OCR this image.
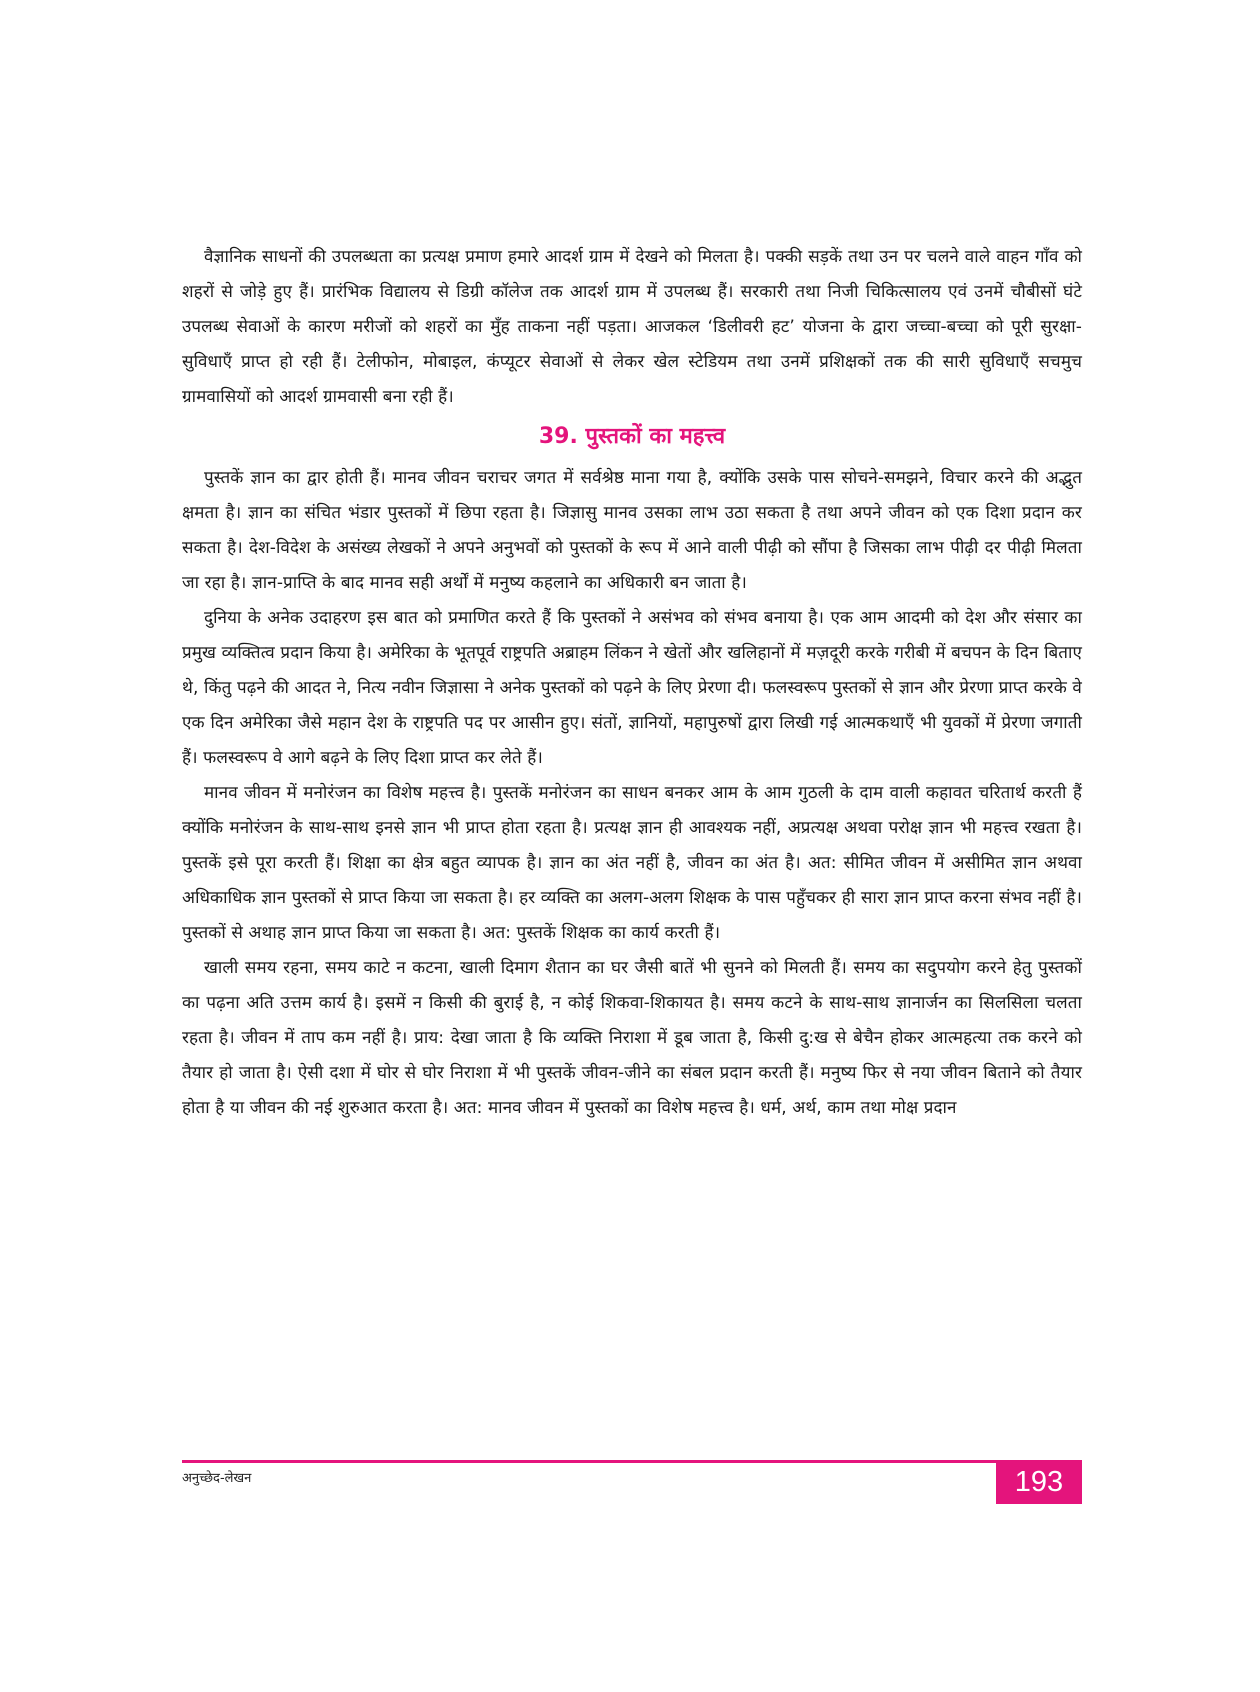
वैज्ञानिक साधनों की उपलब्धता का प्रत्यक्ष प्रमाण हमारे आदर्श ग्राम में देखने को मिलता है। पक्की सड़कें तथा उन पर चलने वाले वाहन गाँव को शहरों से जोड़े हुए हैं। प्रारंभिक विद्यालय से डिग्री कॉलेज तक आदर्श ग्राम में उपलब्ध हैं। सरकारी तथा निजी चिकित्सालय एवं उनमें चौबीसों घंटे उपलब्ध सेवाओं के कारण मरीजों को शहरों का मुँह ताकना नहीं पड़ता। आजकल ‘डिलीवरी हट’ योजना के द्वारा जच्चा-बच्चा को पूरी सुरक्षा-सुविधाएँ प्राप्त हो रही हैं। टेलीफोन, मोबाइल, कंप्यूटर सेवाओं से लेकर खेल स्टेडियम तथा उनमें प्रशिक्षकों तक की सारी सुविधाएँ सचमुच ग्रामवासियों को आदर्श ग्रामवासी बना रही हैं।

39. पुस्तकों का महत्त्व

पुस्तकें ज्ञान का द्वार होती हैं। मानव जीवन चराचर जगत में सर्वश्रेष्ठ माना गया है, क्योंकि उसके पास सोचने-समझने, विचार करने की अद्भुत क्षमता है। ज्ञान का संचित भंडार पुस्तकों में छिपा रहता है। जिज्ञासु मानव उसका लाभ उठा सकता है तथा अपने जीवन को एक दिशा प्रदान कर सकता है। देश-विदेश के असंख्य लेखकों ने अपने अनुभवों को पुस्तकों के रूप में आने वाली पीढ़ी को सौंपा है जिसका लाभ पीढ़ी दर पीढ़ी मिलता जा रहा है। ज्ञान-प्राप्ति के बाद मानव सही अर्थों में मनुष्य कहलाने का अधिकारी बन जाता है।

दुनिया के अनेक उदाहरण इस बात को प्रमाणित करते हैं कि पुस्तकों ने असंभव को संभव बनाया है। एक आम आदमी को देश और संसार का प्रमुख व्यक्तित्व प्रदान किया है। अमेरिका के भूतपूर्व राष्ट्रपति अब्राहम लिंकन ने खेतों और खलिहानों में मज़दूरी करके गरीबी में बचपन के दिन बिताए थे, किंतु पढ़ने की आदत ने, नित्य नवीन जिज्ञासा ने अनेक पुस्तकों को पढ़ने के लिए प्रेरणा दी। फलस्वरूप पुस्तकों से ज्ञान और प्रेरणा प्राप्त करके वे एक दिन अमेरिका जैसे महान देश के राष्ट्रपति पद पर आसीन हुए। संतों, ज्ञानियों, महापुरुषों द्वारा लिखी गई आत्मकथाएँ भी युवकों में प्रेरणा जगाती हैं। फलस्वरूप वे आगे बढ़ने के लिए दिशा प्राप्त कर लेते हैं।

मानव जीवन में मनोरंजन का विशेष महत्त्व है। पुस्तकें मनोरंजन का साधन बनकर आम के आम गुठली के दाम वाली कहावत चरितार्थ करती हैं क्योंकि मनोरंजन के साथ-साथ इनसे ज्ञान भी प्राप्त होता रहता है। प्रत्यक्ष ज्ञान ही आवश्यक नहीं, अप्रत्यक्ष अथवा परोक्ष ज्ञान भी महत्त्व रखता है। पुस्तकें इसे पूरा करती हैं। शिक्षा का क्षेत्र बहुत व्यापक है। ज्ञान का अंत नहीं है, जीवन का अंत है। अत: सीमित जीवन में असीमित ज्ञान अथवा अधिकाधिक ज्ञान पुस्तकों से प्राप्त किया जा सकता है। हर व्यक्ति का अलग-अलग शिक्षक के पास पहुँचकर ही सारा ज्ञान प्राप्त करना संभव नहीं है। पुस्तकों से अथाह ज्ञान प्राप्त किया जा सकता है। अत: पुस्तकें शिक्षक का कार्य करती हैं।

खाली समय रहना, समय काटे न कटना, खाली दिमाग शैतान का घर जैसी बातें भी सुनने को मिलती हैं। समय का सदुपयोग करने हेतु पुस्तकों का पढ़ना अति उत्तम कार्य है। इसमें न किसी की बुराई है, न कोई शिकवा-शिकायत है। समय कटने के साथ-साथ ज्ञानार्जन का सिलसिला चलता रहता है। जीवन में ताप कम नहीं है। प्राय: देखा जाता है कि व्यक्ति निराशा में डूब जाता है, किसी दु:ख से बेचैन होकर आत्महत्या तक करने को तैयार हो जाता है। ऐसी दशा में घोर से घोर निराशा में भी पुस्तकें जीवन-जीने का संबल प्रदान करती हैं। मनुष्य फिर से नया जीवन बिताने को तैयार होता है या जीवन की नई शुरुआत करता है। अत: मानव जीवन में पुस्तकों का विशेष महत्त्व है। धर्म, अर्थ, काम तथा मोक्ष प्रदान

अनुच्छेद-लेखन	193
